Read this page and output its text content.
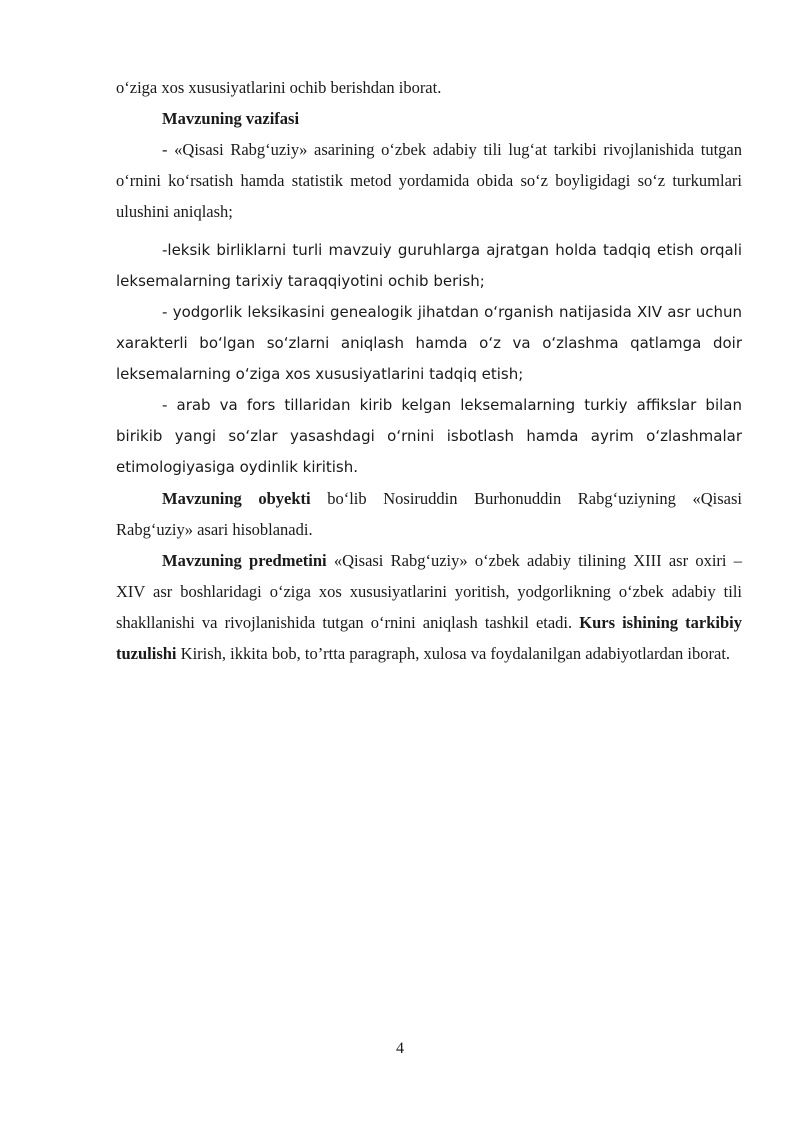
o‘ziga xos xususiyatlarini ochib berishdan iborat.

Mavzuning vazifasi

- «Qisasi Rabg‘uziy» asarining o‘zbek adabiy tili lug‘at tarkibi rivojlanishida tutgan o‘rnini ko‘rsatish hamda statistik metod yordamida obida so‘z boyligidagi so‘z turkumlari ulushini aniqlash;

-leksik birliklarni turli mavzuiy guruhlarga ajratgan holda tadqiq etish orqali leksemalarning tarixiy taraqqiyotini ochib berish;

- yodgorlik leksikasini genealogik jihatdan o‘rganish natijasida XIV asr uchun xarakterli bo‘lgan so‘zlarni aniqlash hamda o‘z va o‘zlashma qatlamga doir leksemalarning o‘ziga xos xususiyatlarini tadqiq etish;

- arab va fors tillaridan kirib kelgan leksemalarning turkiy affikslar bilan birikib yangi so‘zlar yasashdagi o‘rnini isbotlash hamda ayrim o‘zlashmalar etimologiyasiga oydinlik kiritish.

Mavzuning obyekti bo‘lib Nosiruddin Burhonuddin Rabg‘uziyning «Qisasi Rabg‘uziy» asari hisoblanadi.

Mavzuning predmetini «Qisasi Rabg‘uziy» o‘zbek adabiy tilining XIII asr oxiri – XIV asr boshlaridagi o‘ziga xos xususiyatlarini yoritish, yodgorlikning o‘zbek adabiy tili shakllanishi va rivojlanishida tutgan o‘rnini aniqlash tashkil etadi. Kurs ishining tarkibiy tuzulishi Kirish, ikkita bob, to’rtta paragraph, xulosa va foydalanilgan adabiyotlardan iborat.

4
